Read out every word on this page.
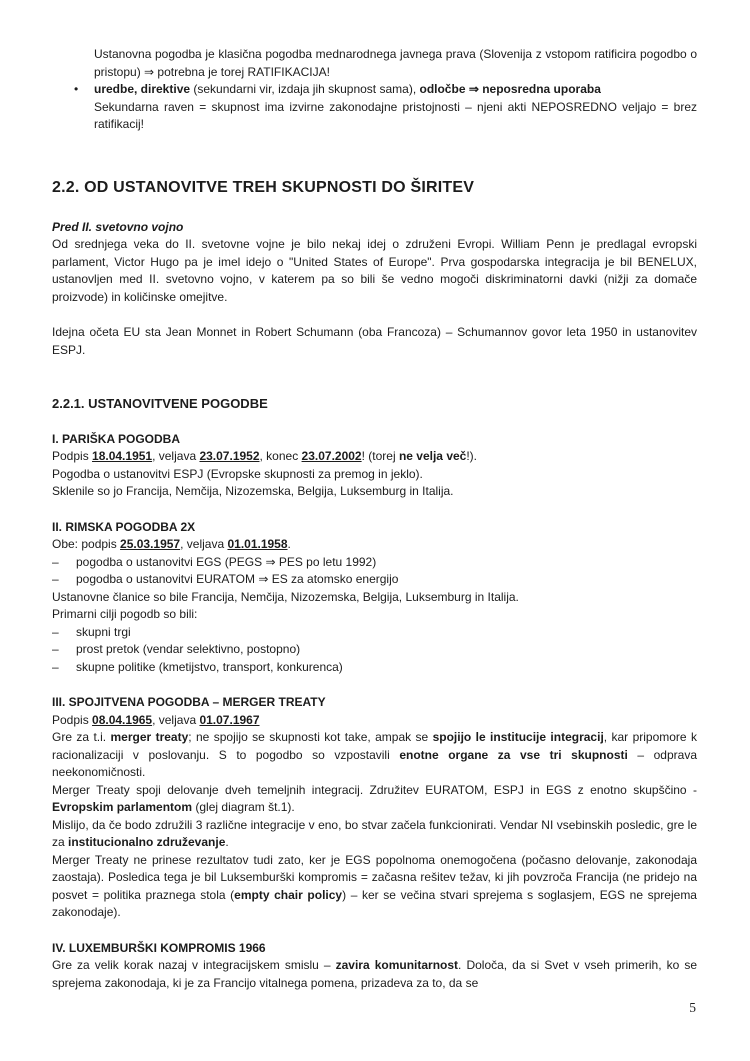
Ustanovna pogodba je klasična pogodba mednarodnega javnega prava (Slovenija z vstopom ratificira pogodbo o pristopu) ⇒ potrebna je torej RATIFIKACIJA!
• uredbe, direktive (sekundarni vir, izdaja jih skupnost sama), odločbe ⇒ neposredna uporaba
Sekundarna raven = skupnost ima izvirne zakonodajne pristojnosti – njeni akti NEPOSREDNO veljajo = brez ratifikacij!
2.2. OD USTANOVITVE TREH SKUPNOSTI DO ŠIRITEV
Pred II. svetovno vojno
Od srednjega veka do II. svetovne vojne je bilo nekaj idej o združeni Evropi. William Penn je predlagal evropski parlament, Victor Hugo pa je imel idejo o "United States of Europe". Prva gospodarska integracija je bil BENELUX, ustanovljen med II. svetovno vojno, v katerem pa so bili še vedno mogoči diskriminatorni davki (nižji za domače proizvode) in količinske omejitve.
Idejna očeta EU sta Jean Monnet in Robert Schumann (oba Francoza) – Schumannov govor leta 1950 in ustanovitev ESPJ.
2.2.1. USTANOVITVENE POGODBE
I. PARIŠKA POGODBA
Podpis 18.04.1951, veljava 23.07.1952, konec 23.07.2002! (torej ne velja več!).
Pogodba o ustanovitvi ESPJ (Evropske skupnosti za premog in jeklo).
Sklenile so jo Francija, Nemčija, Nizozemska, Belgija, Luksemburg in Italija.
II. RIMSKA POGODBA 2X
Obe: podpis 25.03.1957, veljava 01.01.1958.
– pogodba o ustanovitvi EGS (PEGS ⇒ PES po letu 1992)
– pogodba o ustanovitvi EURATOM ⇒ ES za atomsko energijo
Ustanovne članice so bile Francija, Nemčija, Nizozemska, Belgija, Luksemburg in Italija.
Primarni cilji pogodb so bili:
– skupni trgi
– prost pretok (vendar selektivno, postopno)
– skupne politike (kmetijstvo, transport, konkurenca)
III. SPOJITVENA POGODBA – MERGER TREATY
Podpis 08.04.1965, veljava 01.07.1967
Gre za t.i. merger treaty; ne spojijo se skupnosti kot take, ampak se spojijo le institucije integracij, kar pripomore k racionalizaciji v poslovanju. S to pogodbo so vzpostavili enotne organe za vse tri skupnosti – odprava neekonomičnosti.
Merger Treaty spoji delovanje dveh temeljnih integracij. Združitev EURATOM, ESPJ in EGS z enotno skupščino - Evropskim parlamentom (glej diagram št.1).
Mislijo, da če bodo združili 3 različne integracije v eno, bo stvar začela funkcionirati. Vendar NI vsebinskih posledic, gre le za institucionalno združevanje.
Merger Treaty ne prinese rezultatov tudi zato, ker je EGS popolnoma onemogočena (počasno delovanje, zakonodaja zaostaja). Posledica tega je bil Luksemburški kompromis = začasna rešitev težav, ki jih povzroča Francija (ne pridejo na posvet = politika praznega stola (empty chair policy) – ker se večina stvari sprejema s soglasjem, EGS ne sprejema zakonodaje).
IV. LUXEMBURŠKI KOMPROMIS 1966
Gre za velik korak nazaj v integracijskem smislu – zavira komunitarnost. Določa, da si Svet v vseh primerih, ko se sprejema zakonodaja, ki je za Francijo vitalnega pomena, prizadeva za to, da se
5
